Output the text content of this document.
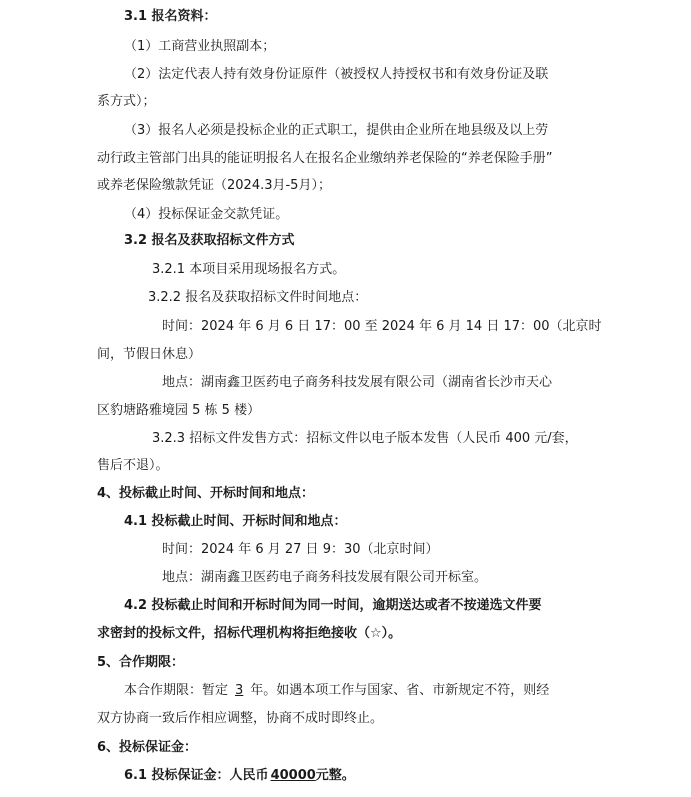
3.1 报名资料：
（1）工商营业执照副本；
（2）法定代表人持有效身份证原件（被授权人持授权书和有效身份证及联
系方式）；
（3）报名人必须是投标企业的正式职工，提供由企业所在地县级及以上劳
动行政主管部门出具的能证明报名人在报名企业缴纳养老保险的“养老保险手册”
或养老保险缴款凭证（2024.3月-5月）；
（4）投标保证金交款凭证。
3.2 报名及获取招标文件方式
3.2.1 本项目采用现场报名方式。
3.2.2 报名及获取招标文件时间地点：
时间：2024 年 6 月 6 日 17：00 至 2024 年 6 月 14 日 17：00（北京时
间，节假日休息）
地点：湖南鑫卫医药电子商务科技发展有限公司（湖南省长沙市天心
区豹塘路雅境园 5 栋 5 楼）
3.2.3 招标文件发售方式：招标文件以电子版本发售（人民币 400 元/套，
售后不退）。
4、投标截止时间、开标时间和地点：
4.1 投标截止时间、开标时间和地点：
时间：2024 年 6 月 27 日 9：30（北京时间）
地点：湖南鑫卫医药电子商务科技发展有限公司开标室。
4.2 投标截止时间和开标时间为同一时间，逾期送达或者不按递选文件要
求密封的投标文件，招标代理机构将拒绝接收（☆）。
5、合作期限：
本合作期限：暂定 3 年。如遇本项工作与国家、省、市新规定不符，则经
双方协商一致后作相应调整，协商不成时即终止。
6、投标保证金：
6.1 投标保证金：人民币 40000元整。
